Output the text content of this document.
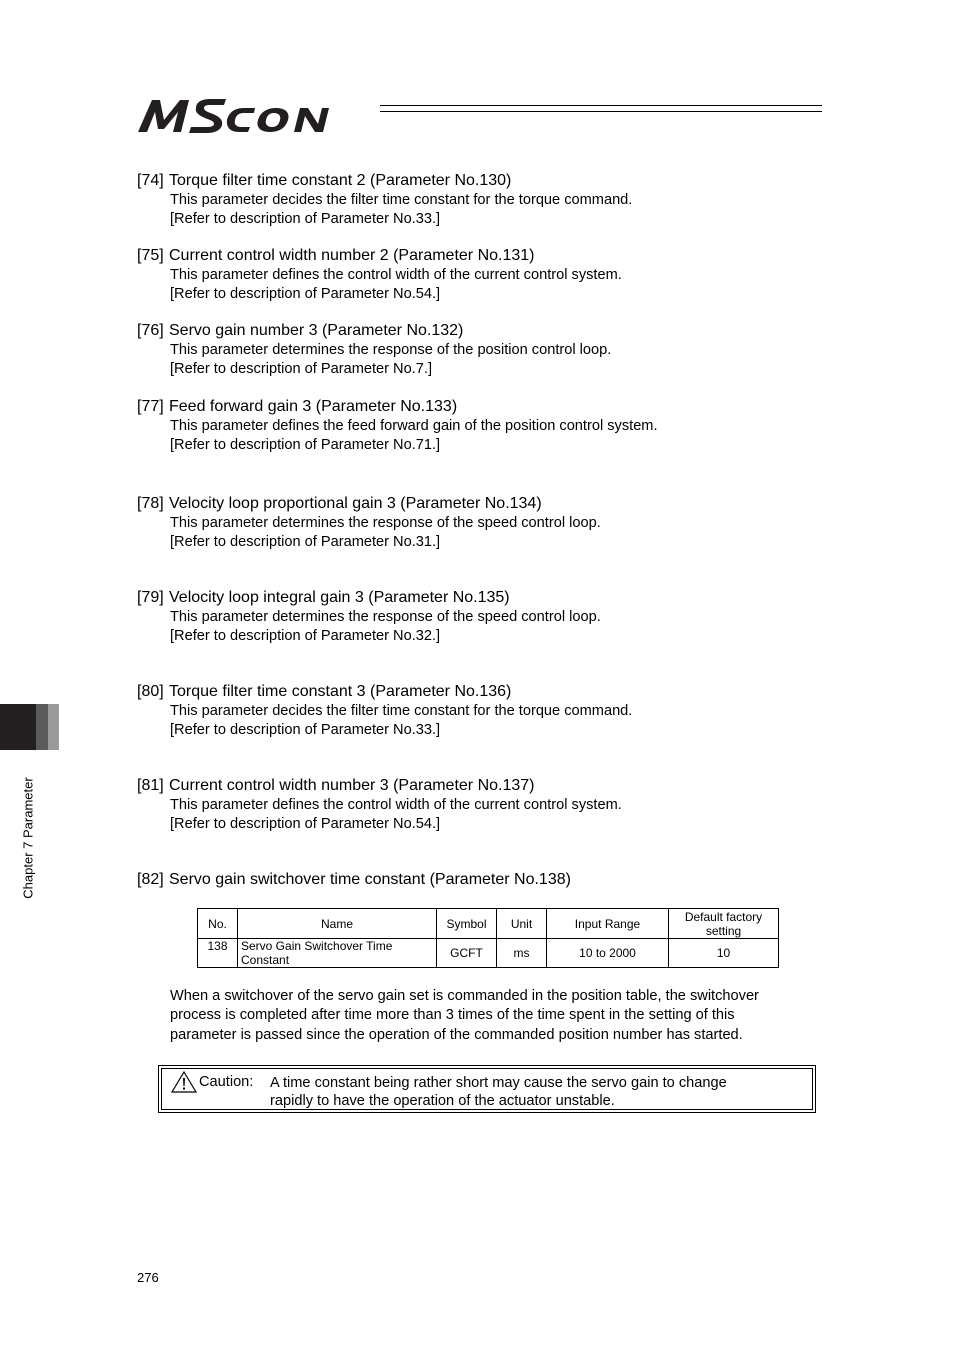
[74] Torque filter time constant 2 (Parameter No.130)
This parameter decides the filter time constant for the torque command.
[Refer to description of Parameter No.33.]
[75] Current control width number 2 (Parameter No.131)
This parameter defines the control width of the current control system.
[Refer to description of Parameter No.54.]
[76] Servo gain number 3 (Parameter No.132)
This parameter determines the response of the position control loop.
[Refer to description of Parameter No.7.]
[77] Feed forward gain 3 (Parameter No.133)
This parameter defines the feed forward gain of the position control system.
[Refer to description of Parameter No.71.]
[78] Velocity loop proportional gain 3 (Parameter No.134)
This parameter determines the response of the speed control loop.
[Refer to description of Parameter No.31.]
[79] Velocity loop integral gain 3 (Parameter No.135)
This parameter determines the response of the speed control loop.
[Refer to description of Parameter No.32.]
[80] Torque filter time constant 3 (Parameter No.136)
This parameter decides the filter time constant for the torque command.
[Refer to description of Parameter No.33.]
[81] Current control width number 3 (Parameter No.137)
This parameter defines the control width of the current control system.
[Refer to description of Parameter No.54.]
[82] Servo gain switchover time constant (Parameter No.138)
No.	Name	Symbol	Unit	Input Range	Default factory
setting

138	Servo Gain Switchover Time
Constant	GCFT	ms	10 to 2000	10
When a switchover of the servo gain set is commanded in the position table, the switchover
process is completed after time more than 3 times of the time spent in the setting of this
parameter is passed since the operation of the commanded position number has started.
Caution: A time constant being rather short may cause the servo gain to change
rapidly to have the operation of the actuator unstable.
Chapter 7 Parameter
276
